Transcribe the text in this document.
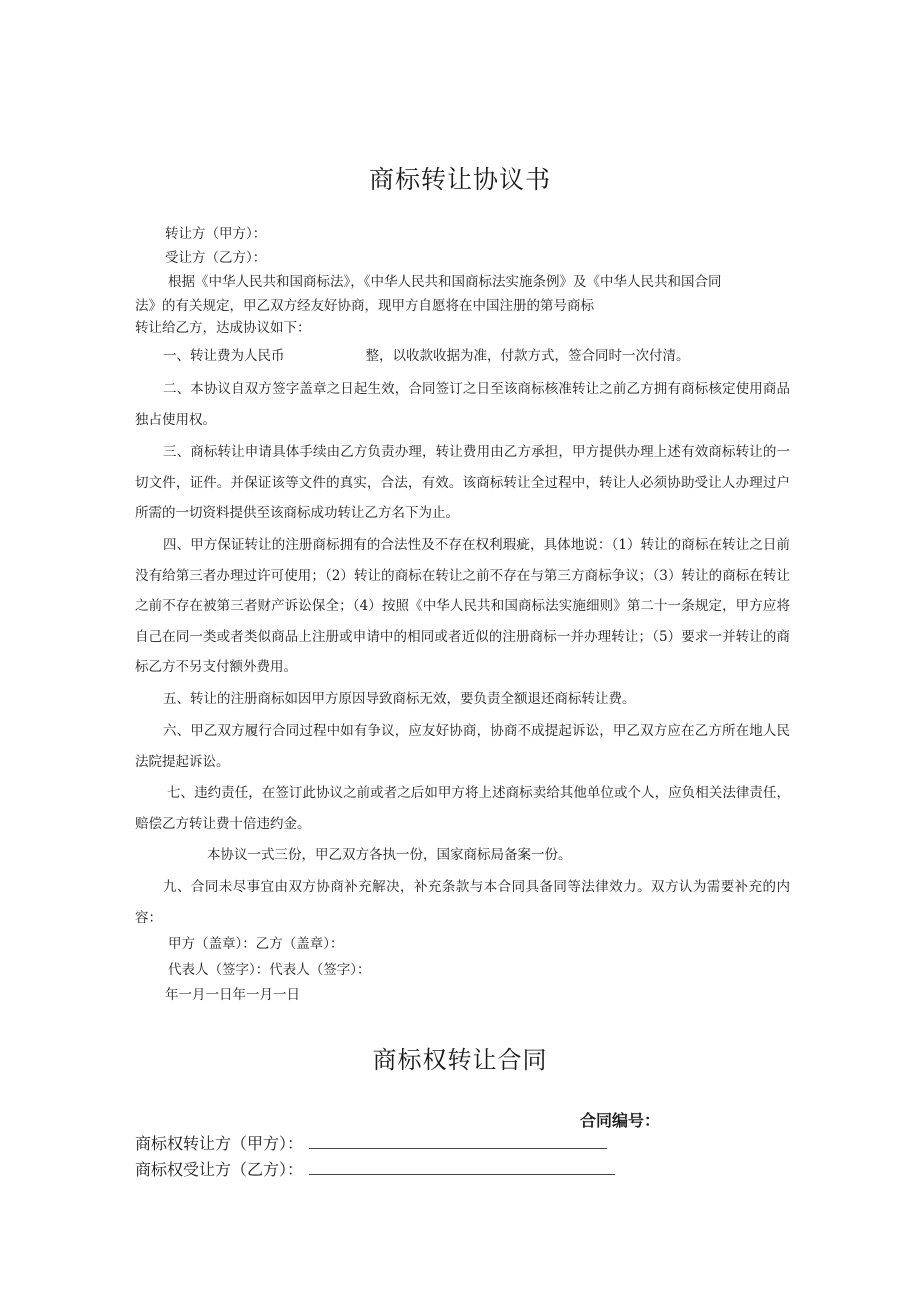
商标转让协议书

转让方（甲方）：

受让方（乙方）：

根据《中华人民共和国商标法》，《中华人民共和国商标法实施条例》及《中华人民共和国合同

法》的有关规定，甲乙双方经友好协商，现甲方自愿将在中国注册的第号商标

转让给乙方，达成协议如下：

一、转让费为人民币　　　　　　整，以收款收据为准，付款方式，签合同时一次付清。

二、本协议自双方签字盖章之日起生效，合同签订之日至该商标核准转让之前乙方拥有商标核定使用商品独占使用权。

三、商标转让申请具体手续由乙方负责办理，转让费用由乙方承担，甲方提供办理上述有效商标转让的一切文件，证件。并保证该等文件的真实，合法，有效。该商标转让全过程中，转让人必须协助受让人办理过户所需的一切资料提供至该商标成功转让乙方名下为止。

四、甲方保证转让的注册商标拥有的合法性及不存在权利瑕疵，具体地说：（1）转让的商标在转让之日前没有给第三者办理过许可使用；（2）转让的商标在转让之前不存在与第三方商标争议；（3）转让的商标在转让之前不存在被第三者财产诉讼保全；（4）按照《中华人民共和国商标法实施细则》第二十一条规定，甲方应将自己在同一类或者类似商品上注册或申请中的相同或者近似的注册商标一并办理转让；（5）要求一并转让的商标乙方不另支付额外费用。

五、转让的注册商标如因甲方原因导致商标无效，要负责全额退还商标转让费。

六、甲乙双方履行合同过程中如有争议，应友好协商，协商不成提起诉讼，甲乙双方应在乙方所在地人民法院提起诉讼。

七、违约责任，在签订此协议之前或者之后如甲方将上述商标卖给其他单位或个人，应负相关法律责任，赔偿乙方转让费十倍违约金。

本协议一式三份，甲乙双方各执一份，国家商标局备案一份。

九、合同未尽事宜由双方协商补充解决，补充条款与本合同具备同等法律效力。双方认为需要补充的内容：

甲方（盖章）：乙方（盖章）：

代表人（签字）：代表人（签字）：

年一月一日年一月一日

商标权转让合同
合同编号：
商标权转让方（甲方）：
商标权受让方（乙方）：
